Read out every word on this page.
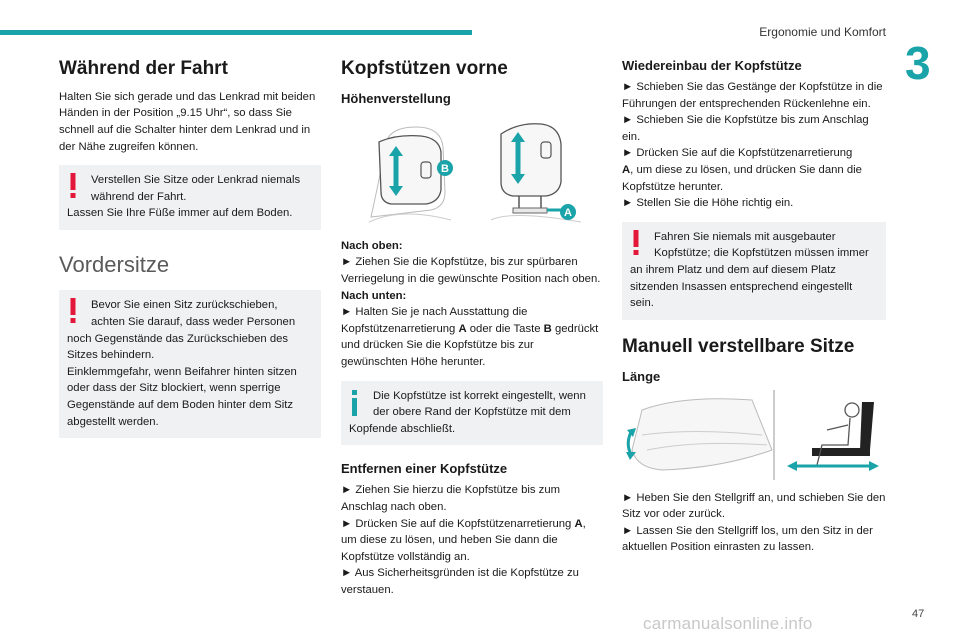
Ergonomie und Komfort
3
Während der Fahrt

Halten Sie sich gerade und das Lenkrad mit beiden Händen in der Position „9.15 Uhr“, so dass Sie schnell auf die Schalter hinter dem Lenkrad und in der Nähe zugreifen können.

Verstellen Sie Sitze oder Lenkrad niemals während der Fahrt.

Lassen Sie Ihre Füße immer auf dem Boden.

Vordersitze

Bevor Sie einen Sitz zurückschieben, achten Sie darauf, dass weder Personen

noch Gegenstände das Zurückschieben des Sitzes behindern.

Einklemmgefahr, wenn Beifahrer hinten sitzen oder dass der Sitz blockiert, wenn sperrige Gegenstände auf dem Boden hinter dem Sitz abgestellt werden.

Kopfstützen vorne
Höhenverstellung
B
A

Nach oben:

► Ziehen Sie die Kopfstütze, bis zur spürbaren Verriegelung in die gewünschte Position nach oben.

Nach unten:

► Halten Sie je nach Ausstattung die Kopfstützenarretierung A oder die Taste B gedrückt und drücken Sie die Kopfstütze bis zur gewünschten Höhe herunter.

Die Kopfstütze ist korrekt eingestellt, wenn der obere Rand der Kopfstütze mit dem

Kopfende abschließt.

Entfernen einer Kopfstütze

► Ziehen Sie hierzu die Kopfstütze bis zum Anschlag nach oben.

► Drücken Sie auf die Kopfstützenarretierung A, um diese zu lösen, und heben Sie dann die Kopfstütze vollständig an.

► Aus Sicherheitsgründen ist die Kopfstütze zu verstauen.

Wiedereinbau der Kopfstütze

► Schieben Sie das Gestänge der Kopfstütze in die Führungen der entsprechenden Rückenlehne ein.

► Schieben Sie die Kopfstütze bis zum Anschlag ein.

► Drücken Sie auf die Kopfstützenarretierung
A, um diese zu lösen, und drücken Sie dann die Kopfstütze herunter.

► Stellen Sie die Höhe richtig ein.

Fahren Sie niemals mit ausgebauter Kopfstütze; die Kopfstützen müssen immer

an ihrem Platz und dem auf diesem Platz sitzenden Insassen entsprechend eingestellt sein.

Manuell verstellbare Sitze
Länge

► Heben Sie den Stellgriff an, und schieben Sie den Sitz vor oder zurück.

► Lassen Sie den Stellgriff los, um den Sitz in der aktuellen Position einrasten zu lassen.

47
carmanualsonline.info
